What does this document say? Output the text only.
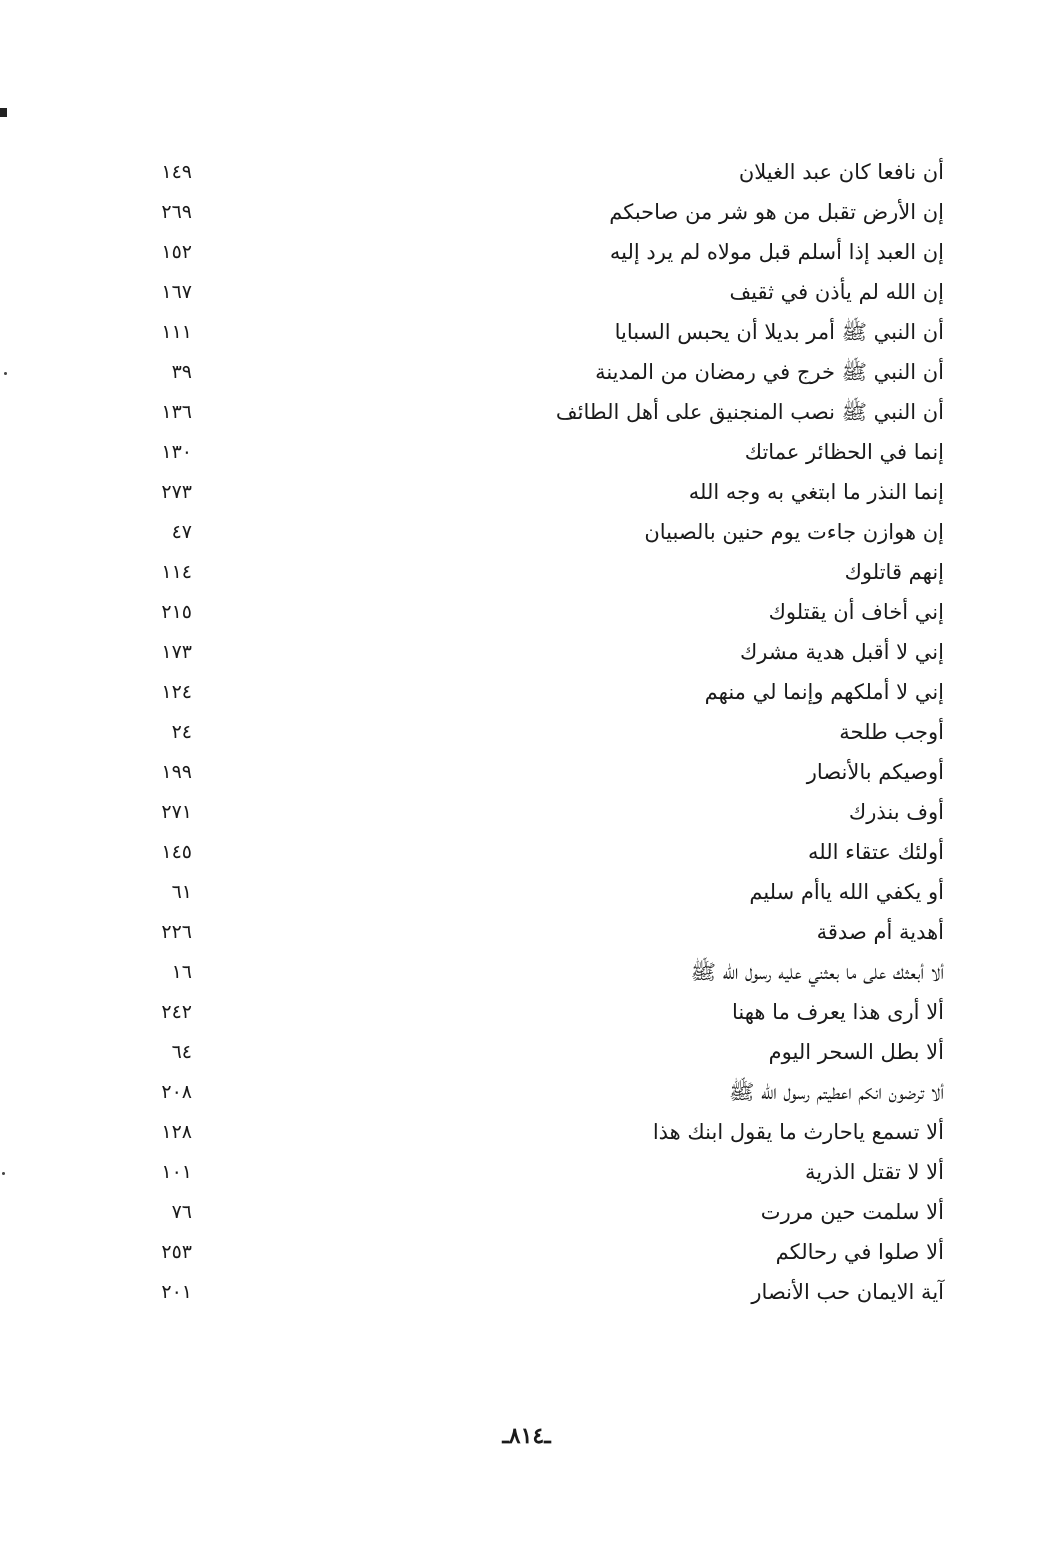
أن نافعا كان عبد الغيلان
١٤٩
إن الأرض تقبل من هو شر من صاحبكم
٢٦٩
إن العبد إذا أسلم قبل مولاه لم يرد إليه
١٥٢
إن الله لم يأذن في ثقيف
١٦٧
أن النبي ﷺ أمر بديلا أن يحبس السبايا
١١١
أن النبي ﷺ خرج في رمضان من المدينة
٣٩
أن النبي ﷺ نصب المنجنيق على أهل الطائف
١٣٦
إنما في الحظائر عماتك
١٣٠
إنما النذر ما ابتغي به وجه الله
٢٧٣
إن هوازن جاءت يوم حنين بالصبيان
٤٧
إنهم قاتلوك
١١٤
إني أخاف أن يقتلوك
٢١٥
إني لا أقبل هدية مشرك
١٧٣
إني لا أملكهم وإنما لي منهم
١٢٤
أوجب طلحة
٢٤
أوصيكم بالأنصار
١٩٩
أوف بنذرك
٢٧١
أولئك عتقاء الله
١٤٥
أو يكفي الله ياأم سليم
٦١
أهدية أم صدقة
٢٢٦
ألا أبعثك على ما بعثني عليه رسول الله ﷺ
١٦
ألا أرى هذا يعرف ما ههنا
٢٤٢
ألا بطل السحر اليوم
٦٤
ألا ترضون انكم اعطيتم رسول الله ﷺ
٢٠٨
ألا تسمع ياحارث ما يقول ابنك هذا
١٢٨
ألا لا تقتل الذرية
١٠١
ألا سلمت حين مررت
٧٦
ألا صلوا في رحالكم
٢٥٣
آية الايمان حب الأنصار
٢٠١
ـ٨١٤ـ
